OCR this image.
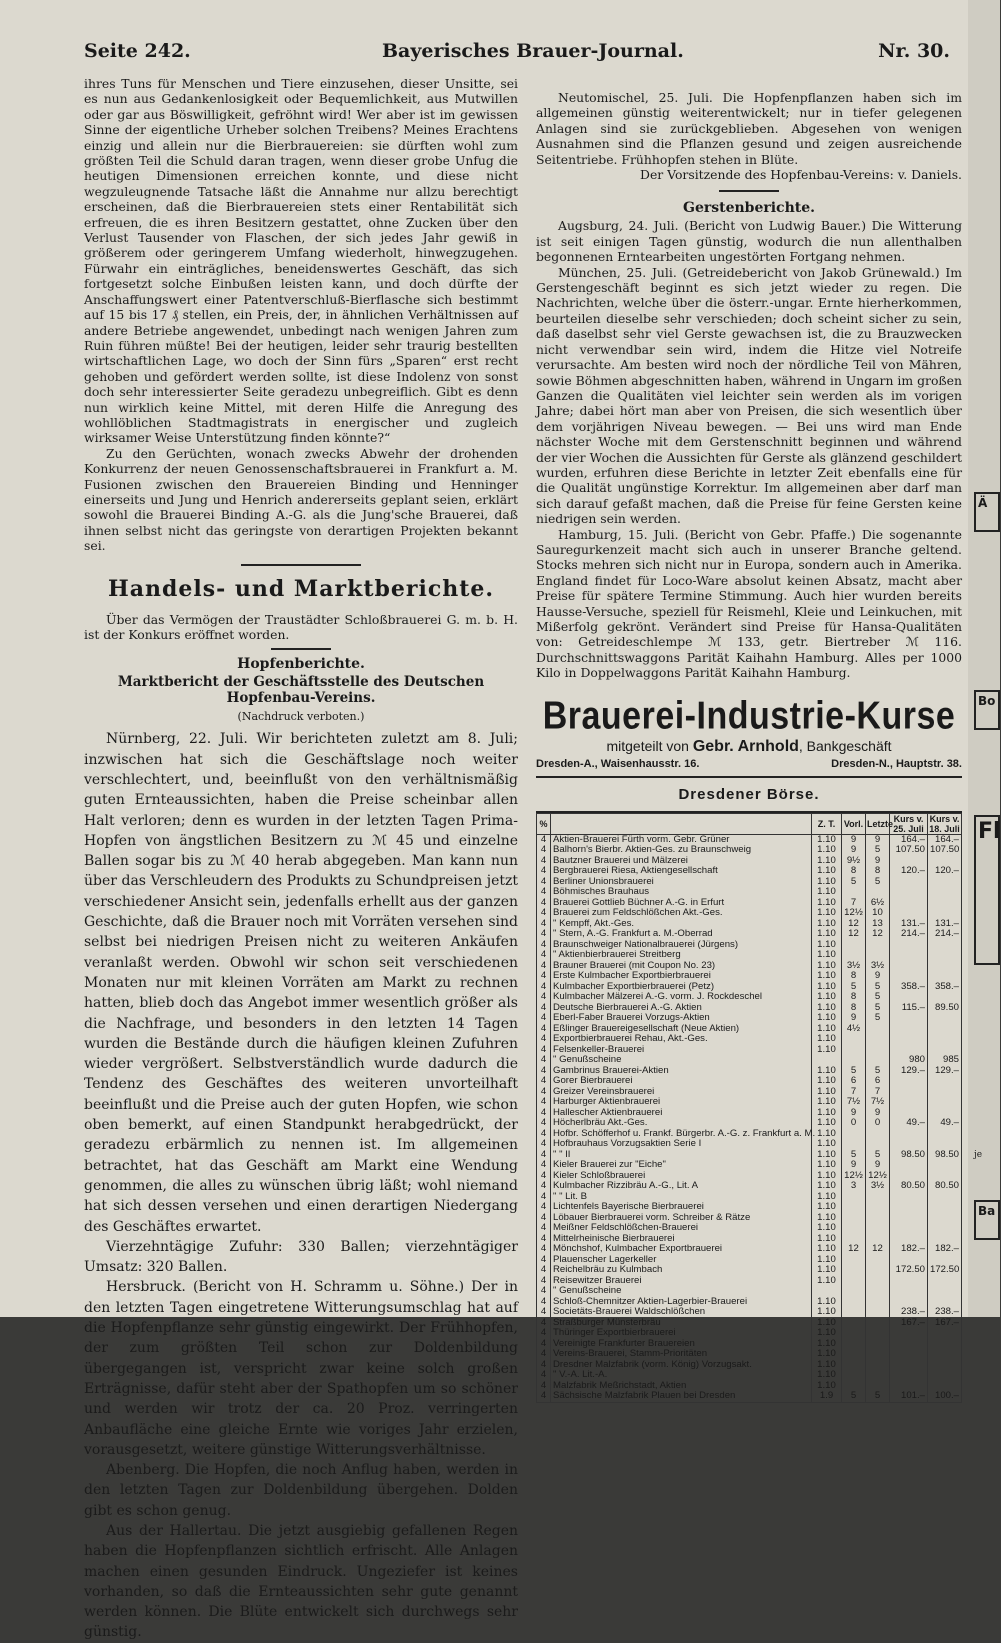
Seite 242.	Bayerisches Brauer-Journal.	Nr. 30.

ihres Tuns für Menschen und Tiere einzusehen, dieser Unsitte, sei es nun aus Gedankenlosigkeit oder Bequemlichkeit, aus Mutwillen oder gar aus Böswilligkeit, gefröhnt wird! Wer aber ist im gewissen Sinne der eigentliche Urheber solchen Treibens? Meines Erachtens einzig und allein nur die Bierbrauereien: sie dürften wohl zum größten Teil die Schuld daran tragen, wenn dieser grobe Unfug die heutigen Dimensionen erreichen konnte, und diese nicht wegzuleugnende Tatsache läßt die Annahme nur allzu berechtigt erscheinen, daß die Bierbrauereien stets einer Rentabilität sich erfreuen, die es ihren Besitzern gestattet, ohne Zucken über den Verlust Tausender von Flaschen, der sich jedes Jahr gewiß in größerem oder geringerem Umfang wiederholt, hinwegzugehen. Fürwahr ein einträgliches, beneidenswertes Geschäft, das sich fortgesetzt solche Einbußen leisten kann, und doch dürfte der Anschaffungswert einer Patentverschluß-Bierflasche sich bestimmt auf 15 bis 17 ₰ stellen, ein Preis, der, in ähnlichen Verhältnissen auf andere Betriebe angewendet, unbedingt nach wenigen Jahren zum Ruin führen müßte! Bei der heutigen, leider sehr traurig bestellten wirtschaftlichen Lage, wo doch der Sinn fürs „Sparen“ erst recht gehoben und gefördert werden sollte, ist diese Indolenz von sonst doch sehr interessierter Seite geradezu unbegreiflich. Gibt es denn nun wirklich keine Mittel, mit deren Hilfe die Anregung des wohllöblichen Stadtmagistrats in energischer und zugleich wirksamer Weise Unterstützung finden könnte?“

Zu den Gerüchten, wonach zwecks Abwehr der drohenden Konkurrenz der neuen Genossenschaftsbrauerei in Frankfurt a. M. Fusionen zwischen den Brauereien Binding und Henninger einerseits und Jung und Henrich andererseits geplant seien, erklärt sowohl die Brauerei Binding A.-G. als die Jung'sche Brauerei, daß ihnen selbst nicht das geringste von derartigen Projekten bekannt sei.

Handels- und Marktberichte.

Über das Vermögen der Traustädter Schloßbrauerei G. m. b. H. ist der Konkurs eröffnet worden.

Hopfenberichte.
Marktbericht der Geschäftsstelle des Deutschen Hopfenbau-Vereins.
(Nachdruck verboten.)

Nürnberg, 22. Juli. Wir berichteten zuletzt am 8. Juli; inzwischen hat sich die Geschäftslage noch weiter verschlechtert, und, beeinflußt von den verhältnismäßig guten Ernteaussichten, haben die Preise scheinbar allen Halt verloren; denn es wurden in der letzten Tagen Prima-Hopfen von ängstlichen Besitzern zu ℳ 45 und einzelne Ballen sogar bis zu ℳ 40 herab abgegeben. Man kann nun über das Verschleudern des Produkts zu Schundpreisen jetzt verschiedener Ansicht sein, jedenfalls erhellt aus der ganzen Geschichte, daß die Brauer noch mit Vorräten versehen sind selbst bei niedrigen Preisen nicht zu weiteren Ankäufen veranlaßt werden. Obwohl wir schon seit verschiedenen Monaten nur mit kleinen Vorräten am Markt zu rechnen hatten, blieb doch das Angebot immer wesentlich größer als die Nachfrage, und besonders in den letzten 14 Tagen wurden die Bestände durch die häufigen kleinen Zufuhren wieder vergrößert. Selbstverständlich wurde dadurch die Tendenz des Geschäftes des weiteren unvorteilhaft beeinflußt und die Preise auch der guten Hopfen, wie schon oben bemerkt, auf einen Standpunkt herabgedrückt, der geradezu erbärmlich zu nennen ist. Im allgemeinen betrachtet, hat das Geschäft am Markt eine Wendung genommen, die alles zu wünschen übrig läßt; wohl niemand hat sich dessen versehen und einen derartigen Niedergang des Geschäftes erwartet.

Vierzehntägige Zufuhr: 330 Ballen; vierzehntägiger Umsatz: 320 Ballen.

Hersbruck. (Bericht von H. Schramm u. Söhne.) Der in den letzten Tagen eingetretene Witterungsumschlag hat auf die Hopfenpflanze sehr günstig eingewirkt. Der Frühhopfen, der zum größten Teil schon zur Doldenbildung übergegangen ist, verspricht zwar keine solch großen Erträgnisse, dafür steht aber der Spathopfen um so schöner und werden wir trotz der ca. 20 Proz. verringerten Anbaufläche eine gleiche Ernte wie voriges Jahr erzielen, vorausgesetzt, weitere günstige Witterungsverhältnisse.

Abenberg. Die Hopfen, die noch Anflug haben, werden in den letzten Tagen zur Doldenbildung übergehen. Dolden gibt es schon genug.

Aus der Hallertau. Die jetzt ausgiebig gefallenen Regen haben die Hopfenpflanzen sichtlich erfrischt. Alle Anlagen machen einen gesunden Eindruck. Ungeziefer ist keines vorhanden, so daß die Ernteaussichten sehr gute genannt werden können. Die Blüte entwickelt sich durchwegs sehr günstig.

Neutomischel, 25. Juli. Die Hopfenpflanzen haben sich im allgemeinen günstig weiterentwickelt; nur in tiefer gelegenen Anlagen sind sie zurückgeblieben. Abgesehen von wenigen Ausnahmen sind die Pflanzen gesund und zeigen ausreichende Seitentriebe. Frühhopfen stehen in Blüte.

Der Vorsitzende des Hopfenbau-Vereins: v. Daniels.

Gerstenberichte.

Augsburg, 24. Juli. (Bericht von Ludwig Bauer.) Die Witterung ist seit einigen Tagen günstig, wodurch die nun allenthalben begonnenen Erntearbeiten ungestörten Fortgang nehmen.

München, 25. Juli. (Getreidebericht von Jakob Grünewald.) Im Gerstengeschäft beginnt es sich jetzt wieder zu regen. Die Nachrichten, welche über die österr.-ungar. Ernte hierherkommen, beurteilen dieselbe sehr verschieden; doch scheint sicher zu sein, daß daselbst sehr viel Gerste gewachsen ist, die zu Brauzwecken nicht verwendbar sein wird, indem die Hitze viel Notreife verursachte. Am besten wird noch der nördliche Teil von Mähren, sowie Böhmen abgeschnitten haben, während in Ungarn im großen Ganzen die Qualitäten viel leichter sein werden als im vorigen Jahre; dabei hört man aber von Preisen, die sich wesentlich über dem vorjährigen Niveau bewegen. — Bei uns wird man Ende nächster Woche mit dem Gerstenschnitt beginnen und während der vier Wochen die Aussichten für Gerste als glänzend geschildert wurden, erfuhren diese Berichte in letzter Zeit ebenfalls eine für die Qualität ungünstige Korrektur. Im allgemeinen aber darf man sich darauf gefaßt machen, daß die Preise für feine Gersten keine niedrigen sein werden.

Hamburg, 15. Juli. (Bericht von Gebr. Pfaffe.) Die sogenannte Sauregurkenzeit macht sich auch in unserer Branche geltend. Stocks mehren sich nicht nur in Europa, sondern auch in Amerika. England findet für Loco-Ware absolut keinen Absatz, macht aber Preise für spätere Termine Stimmung. Auch hier wurden bereits Hausse-Versuche, speziell für Reismehl, Kleie und Leinkuchen, mit Mißerfolg gekrönt. Verändert sind Preise für Hansa-Qualitäten von: Getreideschlempe ℳ 133, getr. Biertreber ℳ 116. Durchschnittswaggons Parität Kaihahn Hamburg. Alles per 1000 Kilo in Doppelwaggons Parität Kaihahn Hamburg.

Brauerei-Industrie-Kurse

mitgeteilt von Gebr. Arnhold, Bankgeschäft

Dresden-A., Waisenhausstr. 16.	Dresden-N., Hauptstr. 38.
Dresdener Börse.
%		Z. T.	Vorl.	Letzte	Kurs v. 25. Juli	Kurs v. 18. Juli
4	Aktien-Brauerei Fürth vorm. Gebr. Grüner	1.10	9	9	164.–	164.–
4	Balhorn's Bierbr. Aktien-Ges. zu Braunschweig	1.10	9	5	107.50	107.50
4	Bautzner Brauerei und Mälzerei	1.10	9½	9		
4	Bergbrauerei Riesa, Aktiengesellschaft	1.10	8	8	120.–	120.–
4	Berliner Unionsbrauerei	1.10	5	5		
4	Böhmisches Brauhaus	1.10				
4	Brauerei Gottlieb Büchner A.-G. in Erfurt	1.10	7	6½		
4	Brauerei zum Feldschlößchen Akt.-Ges.	1.10	12½	10		
4	" Kempff, Akt.-Ges.	1.10	12	13	131.–	131.–
4	" Stern, A.-G. Frankfurt a. M.-Oberrad	1.10	12	12	214.–	214.–
4	Braunschweiger Nationalbrauerei (Jürgens)	1.10				
4	" Aktienbierbrauerei Streitberg	1.10				
4	Brauner Brauerei (mit Coupon No. 23)	1.10	3½	3½		
4	Erste Kulmbacher Exportbierbrauerei	1.10	8	9		
4	Kulmbacher Exportbierbrauerei (Petz)	1.10	5	5	358.–	358.–
4	Kulmbacher Mälzerei A.-G. vorm. J. Rockdeschel	1.10	8	5		
4	Deutsche Bierbrauerei A.-G. Aktien	1.10	8	5	115.–	89.50
4	Eberl-Faber Brauerei Vorzugs-Aktien	1.10	9	5		
4	Eßlinger Brauereigesellschaft (Neue Aktien)	1.10	4½			
4	Exportbierbrauerei Rehau, Akt.-Ges.	1.10				
4	Felsenkeller-Brauerei	1.10				
4	" Genußscheine				980	985
4	Gambrinus Brauerei-Aktien	1.10	5	5	129.–	129.–
4	Gorer Bierbrauerei	1.10	6	6		
4	Greizer Vereinsbrauerei	1.10	7	7		
4	Harburger Aktienbrauerei	1.10	7½	7½		
4	Hallescher Aktienbrauerei	1.10	9	9		
4	Höcherlbräu Akt.-Ges.	1.10	0	0	49.–	49.–
4	Hofbr. Schöfferhof u. Frankf. Bürgerbr. A.-G. z. Frankfurt a. M.	1.10				
4	Hofbrauhaus Vorzugsaktien Serie I	1.10				
4	" " II	1.10	5	5	98.50	98.50
4	Kieler Brauerei zur "Eiche"	1.10	9	9		
4	Kieler Schloßbrauerei	1.10	12½	12½		
4	Kulmbacher Rizzibräu A.-G., Lit. A	1.10	3	3½	80.50	80.50
4	" " Lit. B	1.10				
4	Lichtenfels Bayerische Bierbrauerei	1.10				
4	Löbauer Bierbrauerei vorm. Schreiber & Rätze	1.10				
4	Meißner Feldschlößchen-Brauerei	1.10				
4	Mittelrheinische Bierbrauerei	1.10				
4	Mönchshof, Kulmbacher Exportbrauerei	1.10	12	12	182.–	182.–
4	Plauenscher Lagerkeller	1.10				
4	Reichelbräu zu Kulmbach	1.10			172.50	172.50
4	Reisewitzer Brauerei	1.10				
4	" Genußscheine					
4	Schloß-Chemnitzer Aktien-Lagerbier-Brauerei	1.10				
4	Societäts-Brauerei Waldschlößchen	1.10			238.–	238.–
4	Straßburger Münsterbräu	1.10			167.–	167.–
4	Thüringer Exportbierbrauerei	1.10				
4	Vereinigte Frankfurter Brauereien	1.10				
4	Vereins-Brauerei, Stamm-Prioritäten	1.10				
4	Dresdner Malzfabrik (vorm. König) Vorzugsakt.	1.10				
4	" V.-A. Lit.-A.	1.10				
4	Malzfabrik Meßrichstadt, Aktien	1.10				
4	Sächsische Malzfabrik Plauen bei Dresden	1.9	5	5	101.–	100.–
Ä
Bo
Fl
je
Ba
